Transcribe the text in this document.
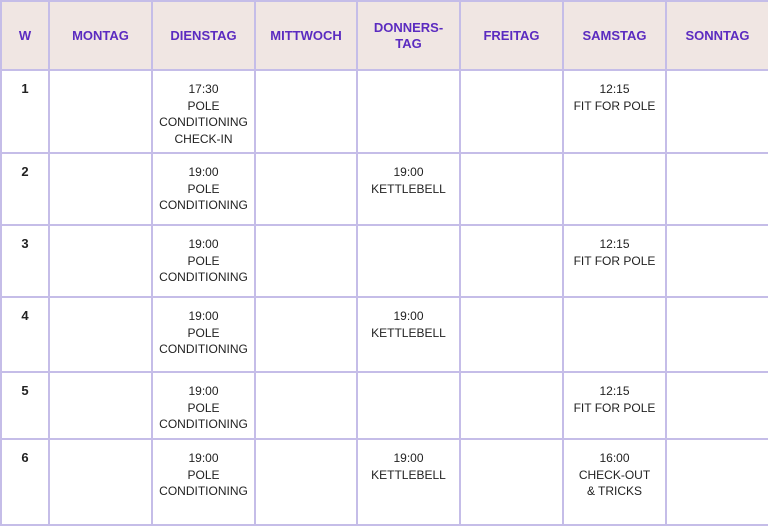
W	MONTAG	DIENSTAG	MITTWOCH	DONNERS-
TAG	FREITAG	SAMSTAG	SONNTAG

1		17:30
POLE
CONDITIONING
CHECK-IN				12:15
FIT FOR POLE	

2		19:00
POLE
CONDITIONING		19:00
KETTLEBELL			

3		19:00
POLE
CONDITIONING				12:15
FIT FOR POLE	

4		19:00
POLE
CONDITIONING		19:00
KETTLEBELL			

5		19:00
POLE
CONDITIONING				12:15
FIT FOR POLE	

6		19:00
POLE
CONDITIONING		19:00
KETTLEBELL		16:00
CHECK-OUT
& TRICKS	
